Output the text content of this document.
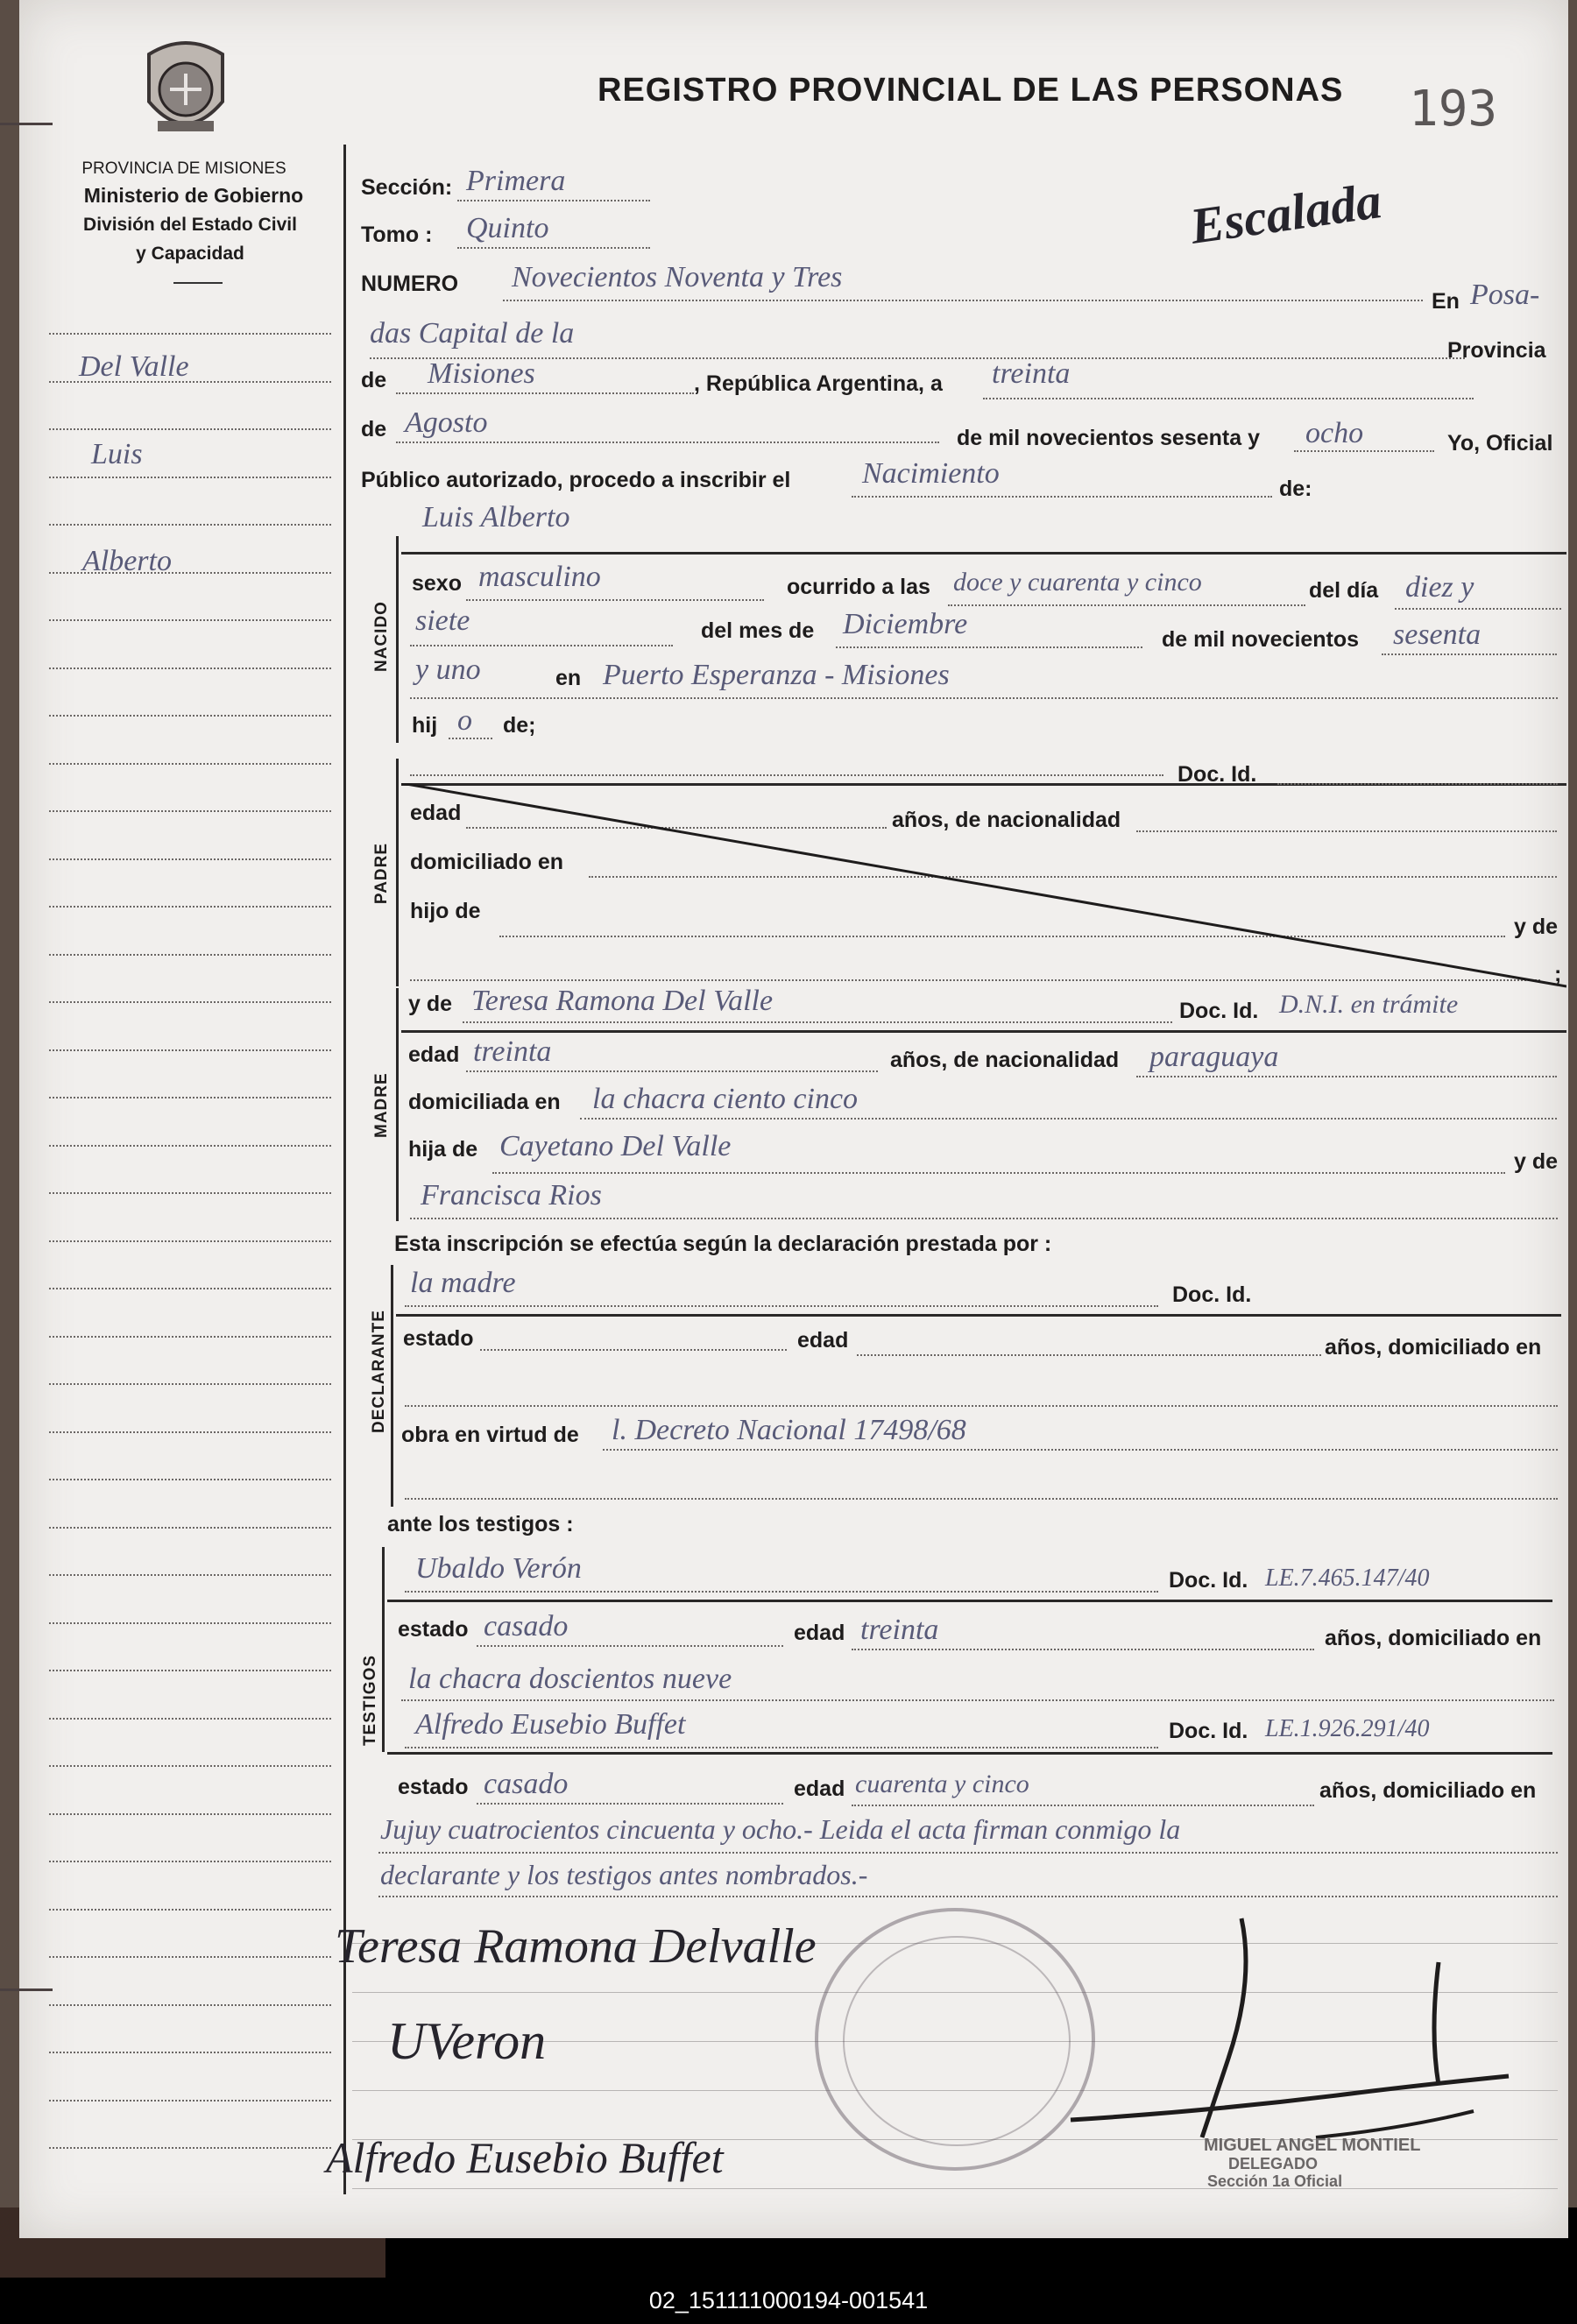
PROVINCIA DE MISIONES
Ministerio de Gobierno
División del Estado Civil
y Capacidad
REGISTRO PROVINCIAL DE LAS PERSONAS 193
Escalada
Del Valle
Luis
Alberto
Sección: Primera
Tomo : Quinto
NUMERO Novecientos Noventa y Tres
En Posa-
das Capital de la
Provincia
de Misiones	, República Argentina, a treinta
de Agosto	de mil novecientos sesenta y ocho	Yo, Oficial
Público autorizado, procedo a inscribir el Nacimiento	de:
NACIDO
Luis Alberto
sexo masculino	ocurrido a las doce y cuarenta y cinco	del día diez y
siete	del mes de Diciembre	de mil novecientos sesenta
y uno	en Puerto Esperanza - Misiones
hij o de;
PADRE
Doc. Id.
edad	años, de nacionalidad
domiciliado en
hijo de
y de
;
MADRE
y de Teresa Ramona Del Valle	Doc. Id. D.N.I. en trámite
edad treinta	años, de nacionalidad paraguaya
domiciliada en la chacra ciento cinco
hija de Cayetano Del Valle	y de
Francisca Rios
Esta inscripción se efectúa según la declaración prestada por :
DECLARANTE
la madre	Doc. Id.
estado	edad	años, domiciliado en
obra en virtud de l. Decreto Nacional 17498/68
ante los testigos :
TESTIGOS
Ubaldo Verón	Doc. Id. LE.7.465.147/40
estado casado	edad treinta	años, domiciliado en
la chacra doscientos nueve
Alfredo Eusebio Buffet	Doc. Id. LE.1.926.291/40
estado casado	edad cuarenta y cinco	años, domiciliado en
Jujuy cuatrocientos cincuenta y ocho.- Leida el acta firman conmigo la
declarante y los testigos antes nombrados.-
Teresa Ramona Delvalle
UVeron
Alfredo Eusebio Buffet	MIGUEL ANGEL MONTIEL
DELEGADO
Sección 1a Oficial
02_151111000194-001541
